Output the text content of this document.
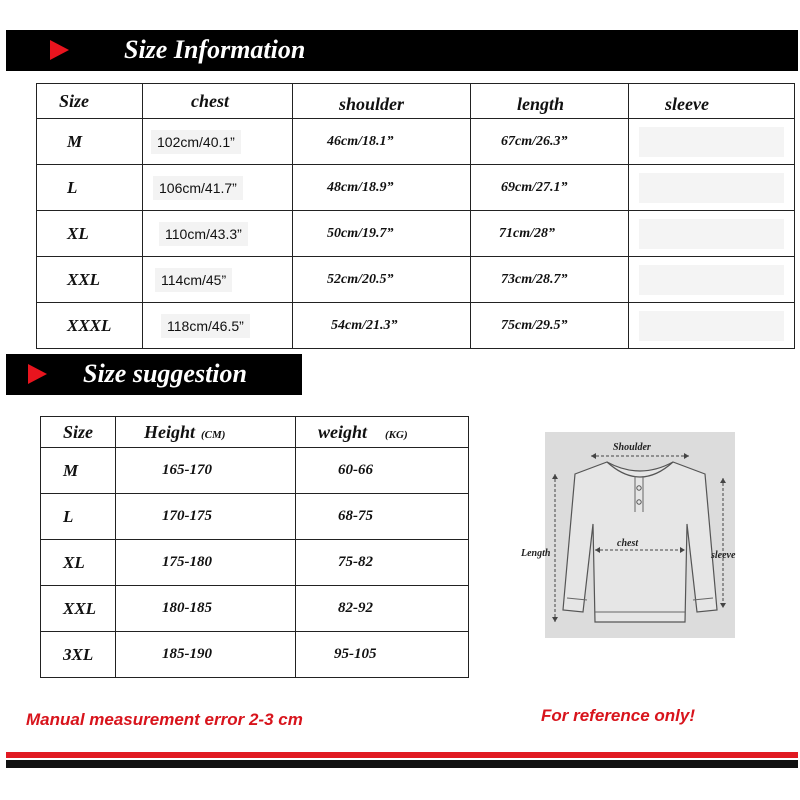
Size Information
Size	chest	shoulder	length	sleeve
M	102cm/40.1”	46cm/18.1”	67cm/26.3”	

L	106cm/41.7”	48cm/18.9”	69cm/27.1”	

XL	110cm/43.3”	50cm/19.7”	71cm/28”	

XXL	114cm/45”	52cm/20.5”	73cm/28.7”	

XXXL	118cm/46.5”	54cm/21.3”	75cm/29.5”	
Size suggestion
Size	Height (CM)	weight (KG)
M	165-170	60-66
L	170-175	68-75
XL	175-180	75-82
XXL	180-185	82-92
3XL	185-190	95-105
Shoulder
chest
Length	sleeve
Manual measurement error 2-3 cm	For reference only!
